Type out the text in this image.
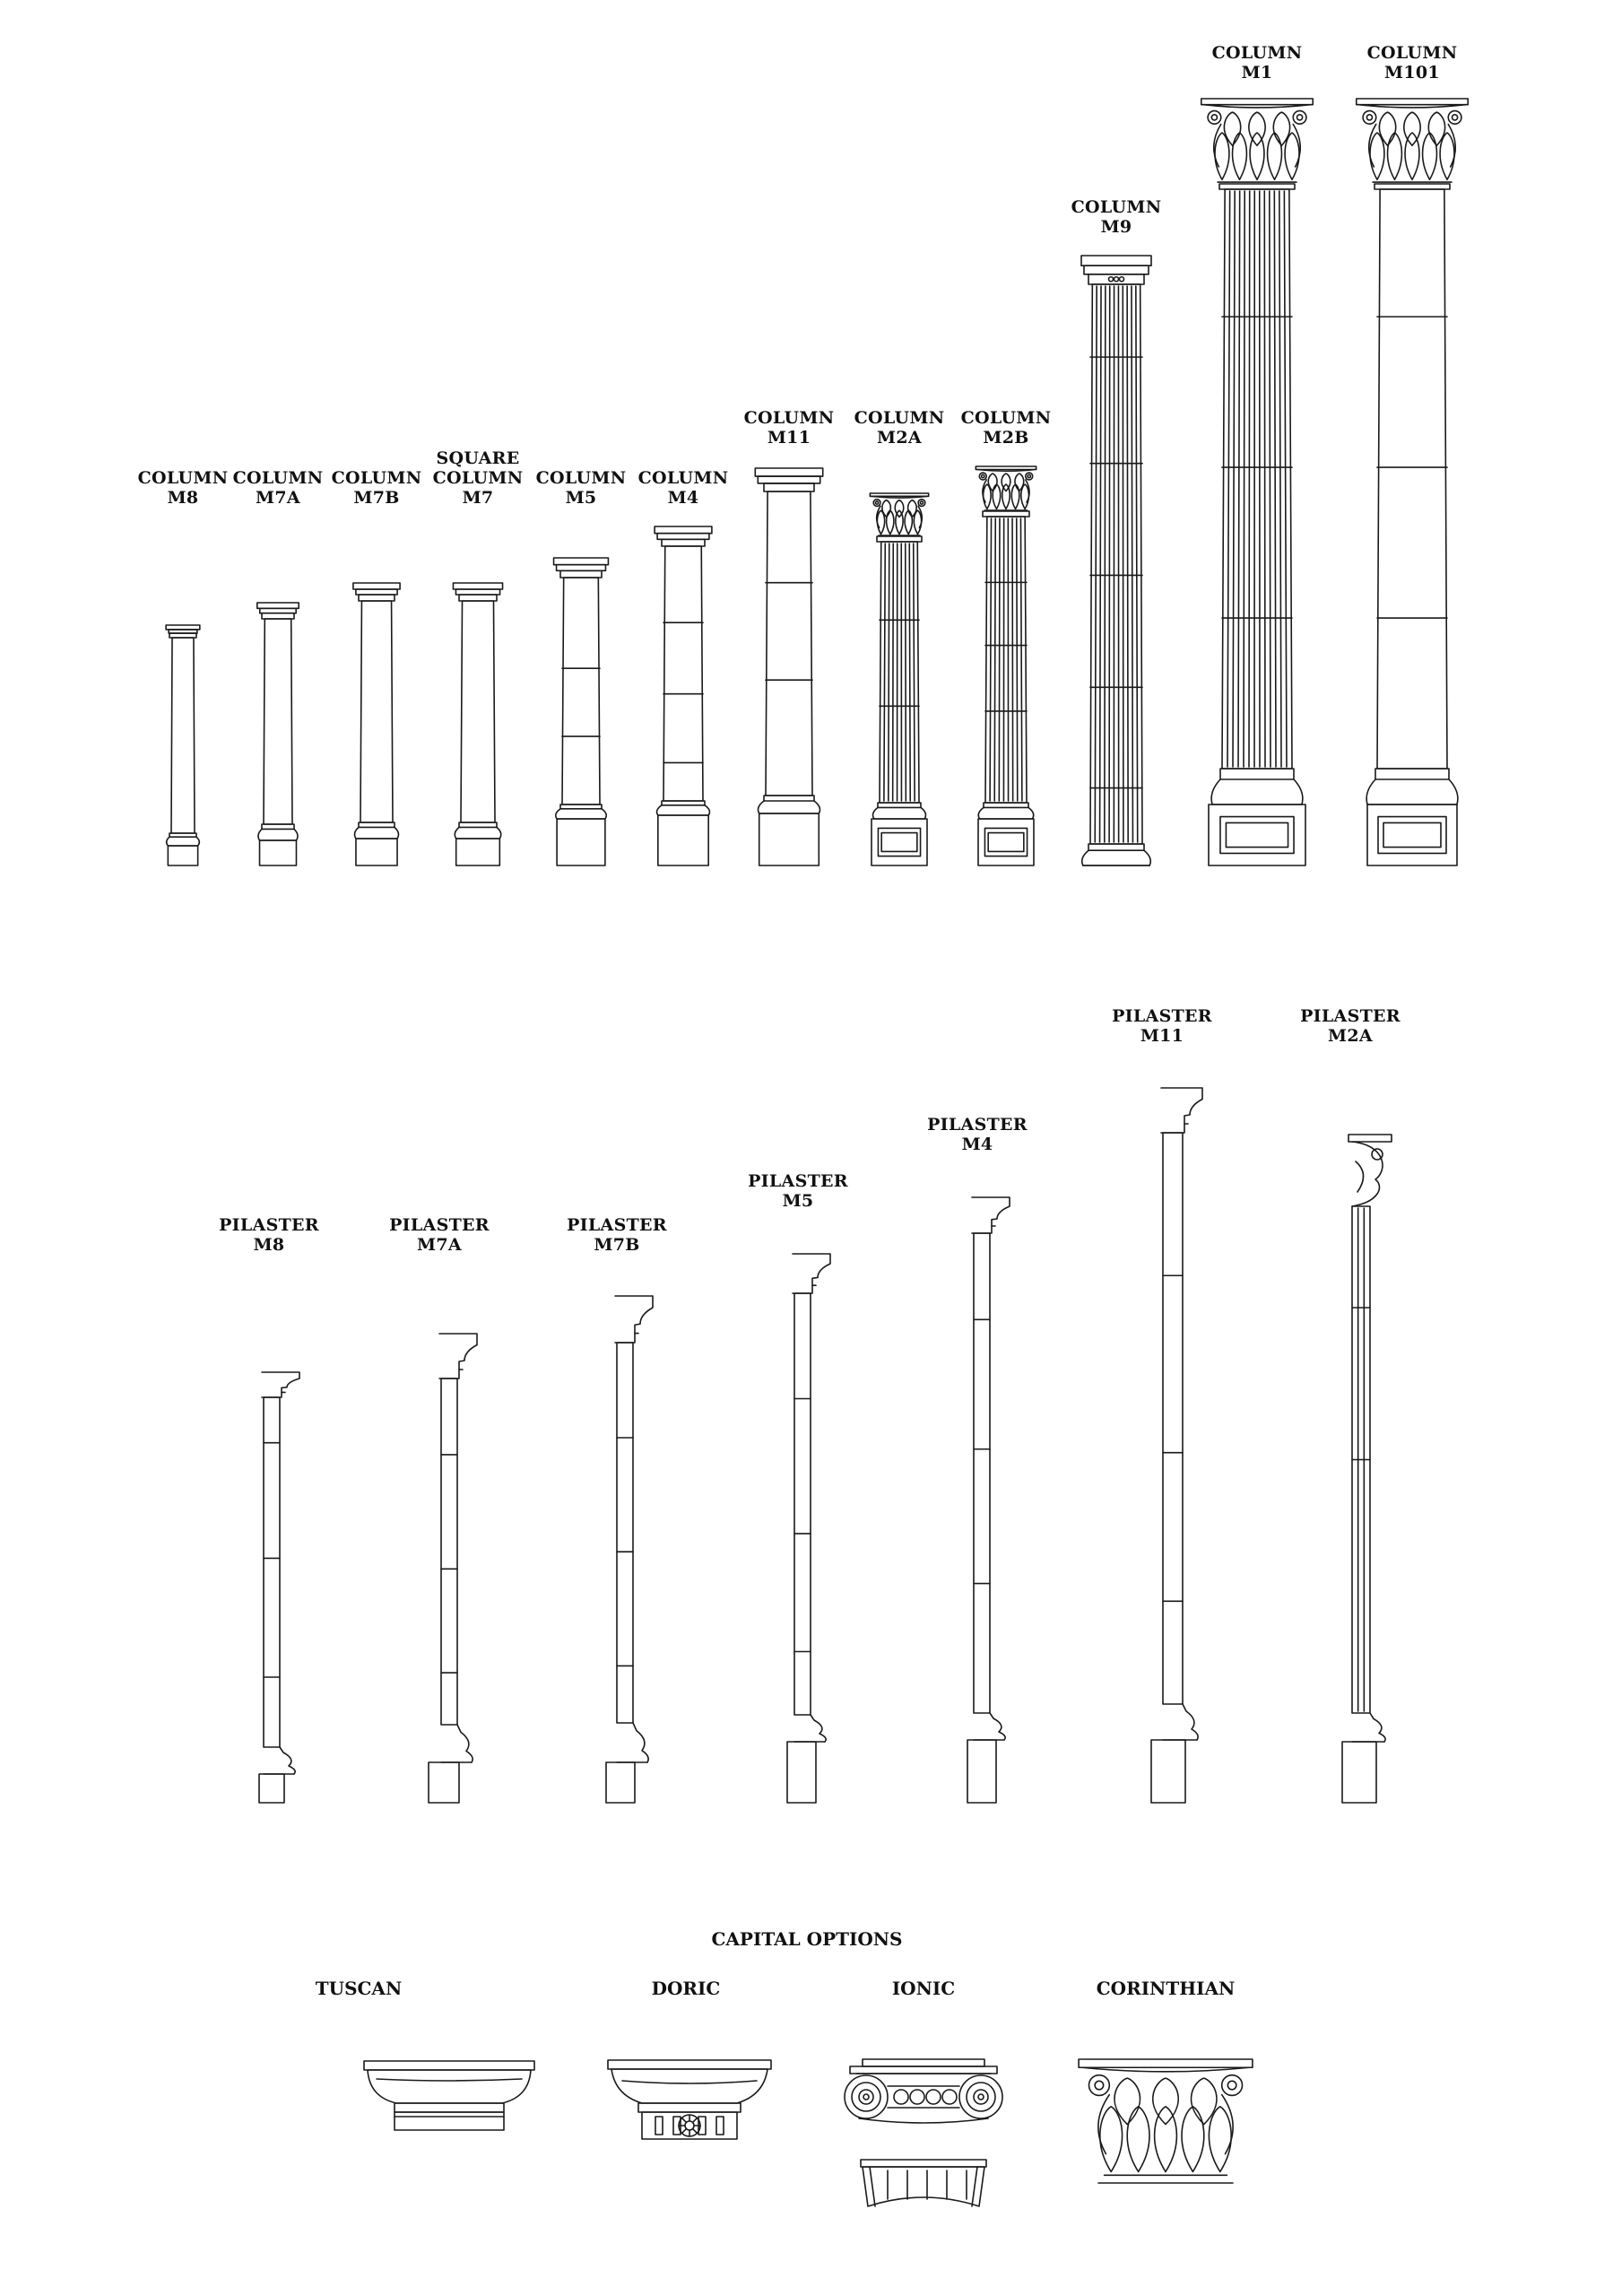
COLUMN
M8
COLUMN
M7A
COLUMN
M7B
SQUARE
COLUMN
M7
COLUMN
M5
COLUMN
M4
COLUMN
M11
COLUMN
M2A
COLUMN
M2B
COLUMN
M9
COLUMN
M1
COLUMN
M101
PILASTER
M8
PILASTER
M7A
PILASTER
M7B
PILASTER
M5
PILASTER
M4
PILASTER
M11
PILASTER
M2A
CAPITAL OPTIONS
TUSCAN	DORIC	IONIC	CORINTHIAN
